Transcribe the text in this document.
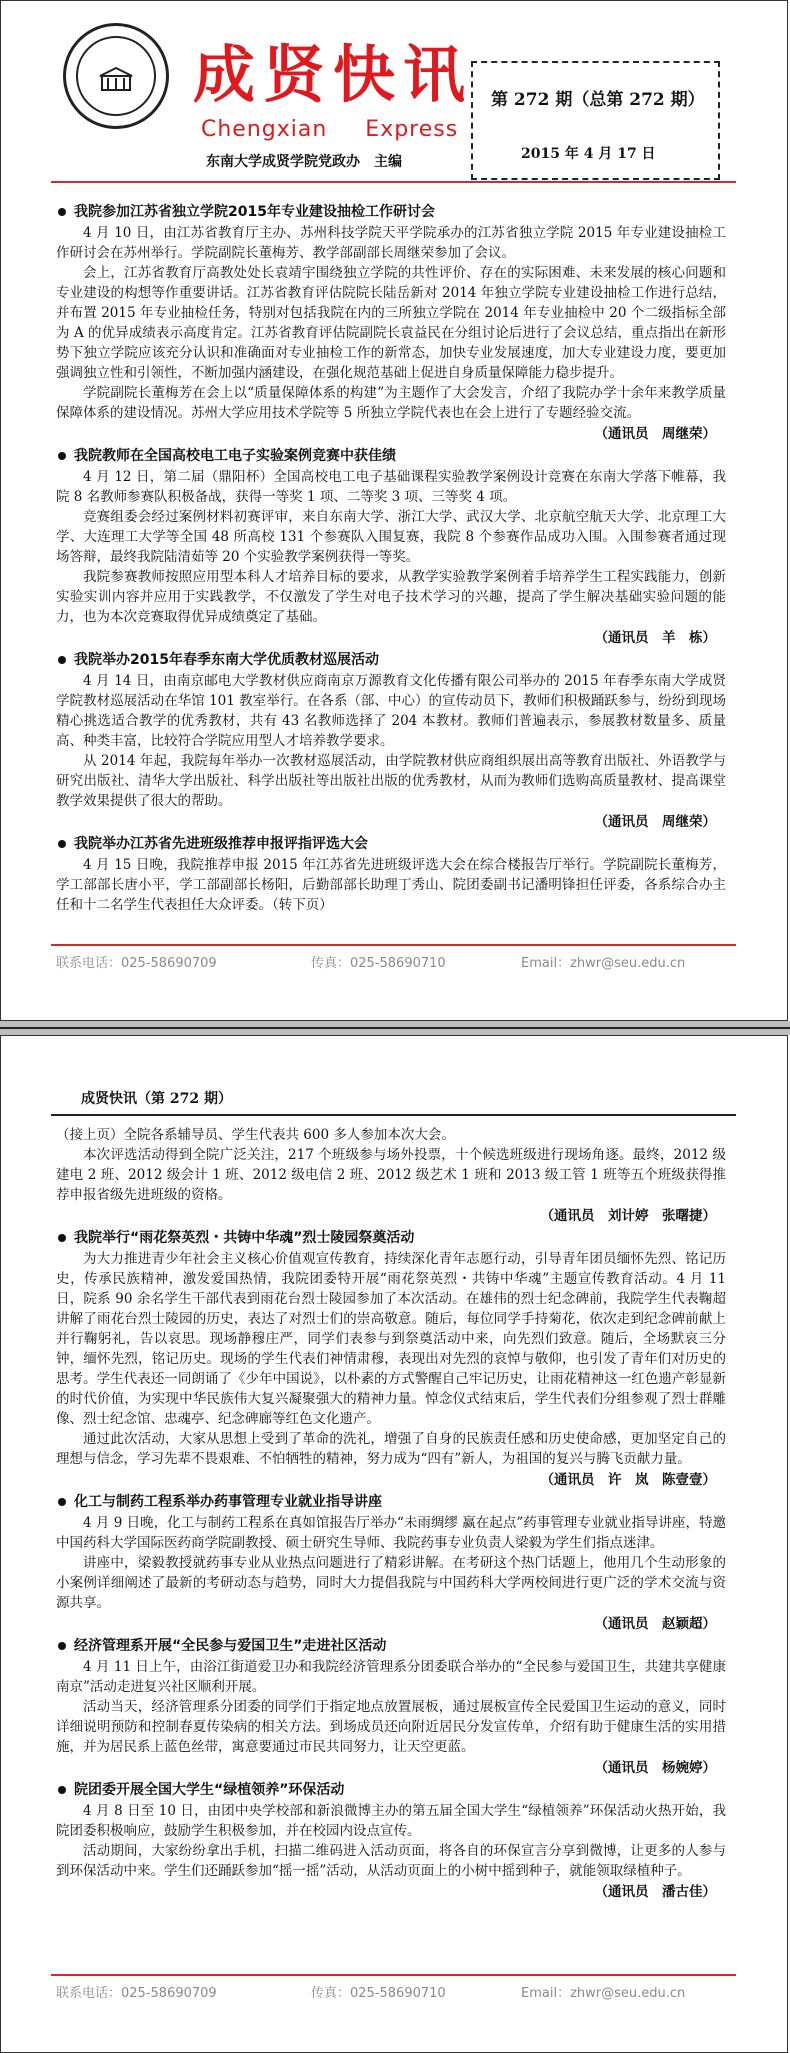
成贤快讯
Chengxian Express
东南大学成贤学院党政办　主编
第 272 期（总第 272 期）
2015 年 4 月 17 日
我院参加江苏省独立学院2015年专业建设抽检工作研讨会

4 月 10 日，由江苏省教育厅主办、苏州科技学院天平学院承办的江苏省独立学院 2015 年专业建设抽检工作研讨会在苏州举行。学院副院长董梅芳、教学部副部长周继荣参加了会议。

会上，江苏省教育厅高教处处长袁靖宇围绕独立学院的共性评价、存在的实际困难、未来发展的核心问题和专业建设的构想等作重要讲话。江苏省教育评估院院长陆岳新对 2014 年独立学院专业建设抽检工作进行总结，并布置 2015 年专业抽检任务，特别对包括我院在内的三所独立学院在 2014 年专业抽检中 20 个二级指标全部为 A 的优异成绩表示高度肯定。江苏省教育评估院副院长袁益民在分组讨论后进行了会议总结，重点指出在新形势下独立学院应该充分认识和准确面对专业抽检工作的新常态，加快专业发展速度，加大专业建设力度，要更加强调独立性和引领性，不断加强内涵建设，在强化规范基础上促进自身质量保障能力稳步提升。

学院副院长董梅芳在会上以“质量保障体系的构建”为主题作了大会发言，介绍了我院办学十余年来教学质量保障体系的建设情况。苏州大学应用技术学院等 5 所独立学院代表也在会上进行了专题经验交流。

（通讯员　周继荣）
我院教师在全国高校电工电子实验案例竞赛中获佳绩

4 月 12 日，第二届（鼎阳杯）全国高校电工电子基础课程实验教学案例设计竞赛在东南大学落下帷幕，我院 8 名教师参赛队积极备战，获得一等奖 1 项、二等奖 3 项、三等奖 4 项。

竞赛组委会经过案例材料初赛评审，来自东南大学、浙江大学、武汉大学、北京航空航天大学、北京理工大学、大连理工大学等全国 48 所高校 131 个参赛队入围复赛，我院 8 个参赛作品成功入围。入围参赛者通过现场答辩，最终我院陆清茹等 20 个实验教学案例获得一等奖。

我院参赛教师按照应用型本科人才培养目标的要求，从教学实验教学案例着手培养学生工程实践能力，创新实验实训内容并应用于实践教学，不仅激发了学生对电子技术学习的兴趣，提高了学生解决基础实验问题的能力，也为本次竞赛取得优异成绩奠定了基础。

（通讯员　羊　栋）
我院举办2015年春季东南大学优质教材巡展活动

4 月 14 日，由南京邮电大学教材供应商南京万源教育文化传播有限公司举办的 2015 年春季东南大学成贤学院教材巡展活动在华馆 101 教室举行。在各系（部、中心）的宣传动员下，教师们积极踊跃参与，纷纷到现场精心挑选适合教学的优秀教材，共有 43 名教师选择了 204 本教材。教师们普遍表示，参展教材数量多、质量高、种类丰富，比较符合学院应用型人才培养教学要求。

从 2014 年起，我院每年举办一次教材巡展活动，由学院教材供应商组织展出高等教育出版社、外语教学与研究出版社、清华大学出版社、科学出版社等出版社出版的优秀教材，从而为教师们选购高质量教材、提高课堂教学效果提供了很大的帮助。

（通讯员　周继荣）
我院举办江苏省先进班级推荐申报评指评选大会

4 月 15 日晚，我院推荐申报 2015 年江苏省先进班级评选大会在综合楼报告厅举行。学院副院长董梅芳，学工部部长唐小平，学工部副部长杨阳，后勤部部长助理丁秀山、院团委副书记潘明锋担任评委，各系综合办主任和十二名学生代表担任大众评委。（转下页）

联系电话：025-58690709	传真：025-58690710	Email：zhwr@seu.edu.cn
成贤快讯（第 272 期）

（接上页）全院各系辅导员、学生代表共 600 多人参加本次大会。

本次评选活动得到全院广泛关注，217 个班级参与场外投票，十个候选班级进行现场角逐。最终，2012 级建电 2 班、2012 级会计 1 班、2012 级电信 2 班、2012 级艺术 1 班和 2013 级工管 1 班等五个班级获得推荐申报省级先进班级的资格。

（通讯员　刘计婷　张曙捷）
我院举行“雨花祭英烈・共铸中华魂”烈士陵园祭奠活动

为大力推进青少年社会主义核心价值观宣传教育，持续深化青年志愿行动，引导青年团员缅怀先烈、铭记历史，传承民族精神，激发爱国热情，我院团委特开展“雨花祭英烈・共铸中华魂”主题宣传教育活动。4 月 11 日，院系 90 余名学生干部代表到雨花台烈士陵园参加了本次活动。在雄伟的烈士纪念碑前，我院学生代表鞠超讲解了雨花台烈士陵园的历史，表达了对烈士们的崇高敬意。随后，每位同学手持菊花，依次走到纪念碑前献上并行鞠躬礼，告以哀思。现场静穆庄严，同学们表参与到祭奠活动中来，向先烈们致意。随后，全场默哀三分钟，缅怀先烈，铭记历史。现场的学生代表们神情肃穆，表现出对先烈的哀悼与敬仰，也引发了青年们对历史的思考。学生代表还一同朗诵了《少年中国说》，以朴素的方式警醒自己牢记历史，让雨花精神这一红色遗产彰显新的时代价值，为实现中华民族伟大复兴凝聚强大的精神力量。悼念仪式结束后，学生代表们分组参观了烈士群雕像、烈士纪念馆、忠魂亭、纪念碑廊等红色文化遗产。

通过此次活动，大家从思想上受到了革命的洗礼，增强了自身的民族责任感和历史使命感，更加坚定自己的理想与信念，学习先辈不畏艰难、不怕牺牲的精神，努力成为“四有”新人，为祖国的复兴与腾飞贡献力量。

（通讯员　许　岚　陈壹壹）
化工与制药工程系举办药事管理专业就业指导讲座

4 月 9 日晚，化工与制药工程系在真如馆报告厅举办“未雨绸缪 赢在起点”药事管理专业就业指导讲座，特邀中国药科大学国际医药商学院副教授、硕士研究生导师、我院药事专业负责人梁毅为学生们指点迷津。

讲座中，梁毅教授就药事专业从业热点问题进行了精彩讲解。在考研这个热门话题上，他用几个生动形象的小案例详细阐述了最新的考研动态与趋势，同时大力提倡我院与中国药科大学两校间进行更广泛的学术交流与资源共享。

（通讯员　赵颖超）
经济管理系开展“全民参与爱国卫生”走进社区活动

4 月 11 日上午，由浴江街道爱卫办和我院经济管理系分团委联合举办的“全民参与爱国卫生，共建共享健康南京”活动走进复兴社区顺利开展。

活动当天，经济管理系分团委的同学们于指定地点放置展板，通过展板宣传全民爱国卫生运动的意义，同时详细说明预防和控制春夏传染病的相关方法。到场成员还向附近居民分发宣传单，介绍有助于健康生活的实用措施，并为居民系上蓝色丝带，寓意要通过市民共同努力，让天空更蓝。

（通讯员　杨婉婷）
院团委开展全国大学生“绿植领养”环保活动

4 月 8 日至 10 日，由团中央学校部和新浪微博主办的第五届全国大学生“绿植领养”环保活动火热开始，我院团委积极响应，鼓励学生积极参加，并在校园内设点宣传。

活动期间，大家纷纷拿出手机，扫描二维码进入活动页面，将各自的环保宣言分享到微博，让更多的人参与到环保活动中来。学生们还踊跃参加“摇一摇”活动，从活动页面上的小树中摇到种子，就能领取绿植种子。

（通讯员　潘古佳）
联系电话：025-58690709	传真：025-58690710	Email：zhwr@seu.edu.cn
